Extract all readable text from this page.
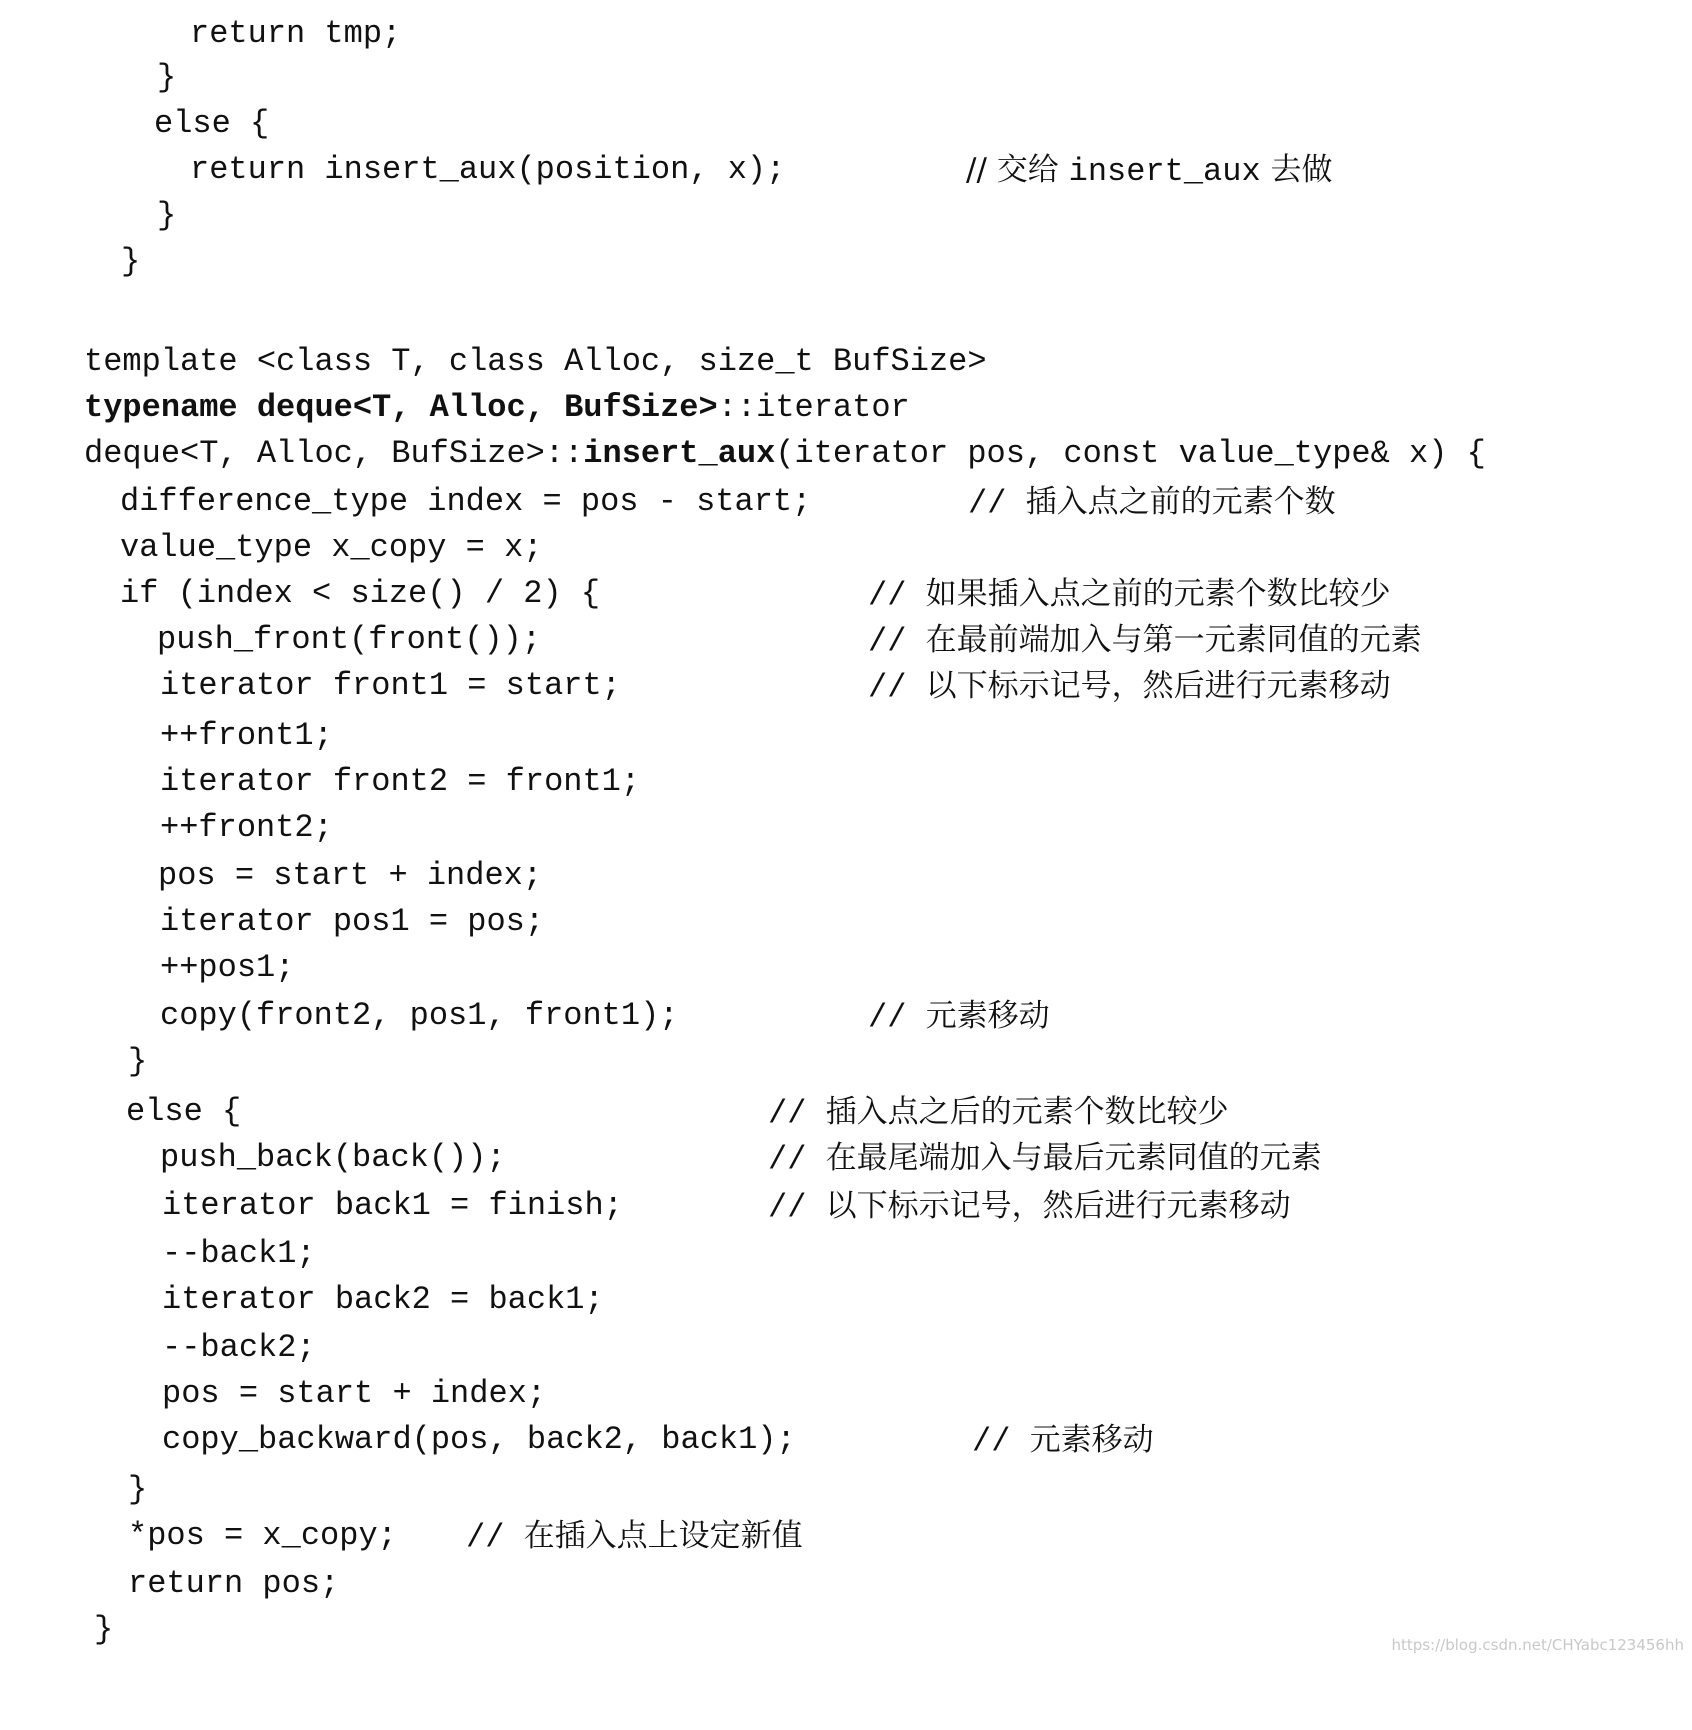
return tmp;

}

else {

return insert_aux(position, x);

	// 交给 insert_aux 去做

}

}

template <class T, class Alloc, size_t BufSize>

typename deque<T, Alloc, BufSize>::iterator

deque<T, Alloc, BufSize>::insert_aux(iterator pos, const value_type& x) {

difference_type index = pos - start;

	// 插入点之前的元素个数

value_type x_copy = x;

if (index < size() / 2) {

	// 如果插入点之前的元素个数比较少

push_front(front());

	// 在最前端加入与第一元素同值的元素

iterator front1 = start;

	// 以下标示记号，然后进行元素移动

++front1;

iterator front2 = front1;

++front2;

pos = start + index;

iterator pos1 = pos;

++pos1;

copy(front2, pos1, front1);

	// 元素移动

}

else {

	// 插入点之后的元素个数比较少

push_back(back());

	// 在最尾端加入与最后元素同值的元素

iterator back1 = finish;

	// 以下标示记号，然后进行元素移动

--back1;

iterator back2 = back1;

--back2;

pos = start + index;

copy_backward(pos, back2, back1);

	// 元素移动

}

*pos = x_copy;

// 在插入点上设定新值

return pos;

}

	https://blog.csdn.net/CHYabc123456hh
